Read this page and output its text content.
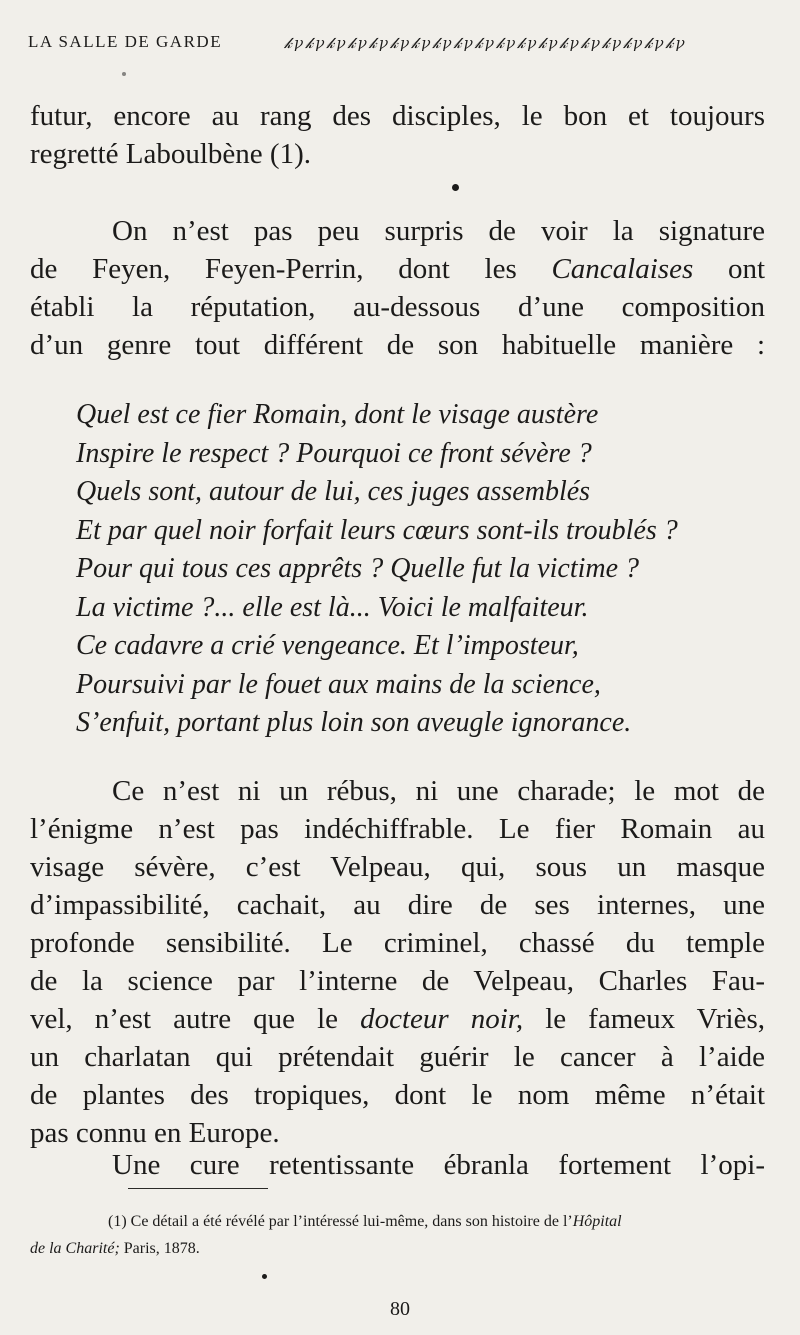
LA SALLE DE GARDE	𝓀ꝩ𝓀ꝩ𝓀ꝩ𝓀ꝩ𝓀ꝩ𝓀ꝩ𝓀ꝩ𝓀ꝩ𝓀ꝩ𝓀ꝩ𝓀ꝩ𝓀ꝩ𝓀ꝩ𝓀ꝩ𝓀ꝩ𝓀ꝩ𝓀ꝩ𝓀ꝩ𝓀ꝩ

futur, encore au rang des disciples, le bon et toujours
regretté Laboulbène (1).

On n’est pas peu surpris de voir la signature
de Feyen, Feyen-Perrin, dont les Cancalaises ont
établi la réputation, au-dessous d’une composition
d’un genre tout différent de son habituelle manière :

Quel est ce fier Romain, dont le visage austère
Inspire le respect ? Pourquoi ce front sévère ?
Quels sont, autour de lui, ces juges assemblés
Et par quel noir forfait leurs cœurs sont-ils troublés ?
Pour qui tous ces apprêts ? Quelle fut la victime ?
La victime ?... elle est là... Voici le malfaiteur.
Ce cadavre a crié vengeance. Et l’imposteur,
Poursuivi par le fouet aux mains de la science,
S’enfuit, portant plus loin son aveugle ignorance.

Ce n’est ni un rébus, ni une charade; le mot de
l’énigme n’est pas indéchiffrable. Le fier Romain au
visage sévère, c’est Velpeau, qui, sous un masque
d’impassibilité, cachait, au dire de ses internes, une
profonde sensibilité. Le criminel, chassé du temple
de la science par l’interne de Velpeau, Charles Fau-
vel, n’est autre que le docteur noir, le fameux Vriès,
un charlatan qui prétendait guérir le cancer à l’aide
de plantes des tropiques, dont le nom même n’était
pas connu en Europe.

Une cure retentissante ébranla fortement l’opi-

(1) Ce détail a été révélé par l’intéressé lui-même, dans son histoire de l’Hôpital
de la Charité; Paris, 1878.

80
